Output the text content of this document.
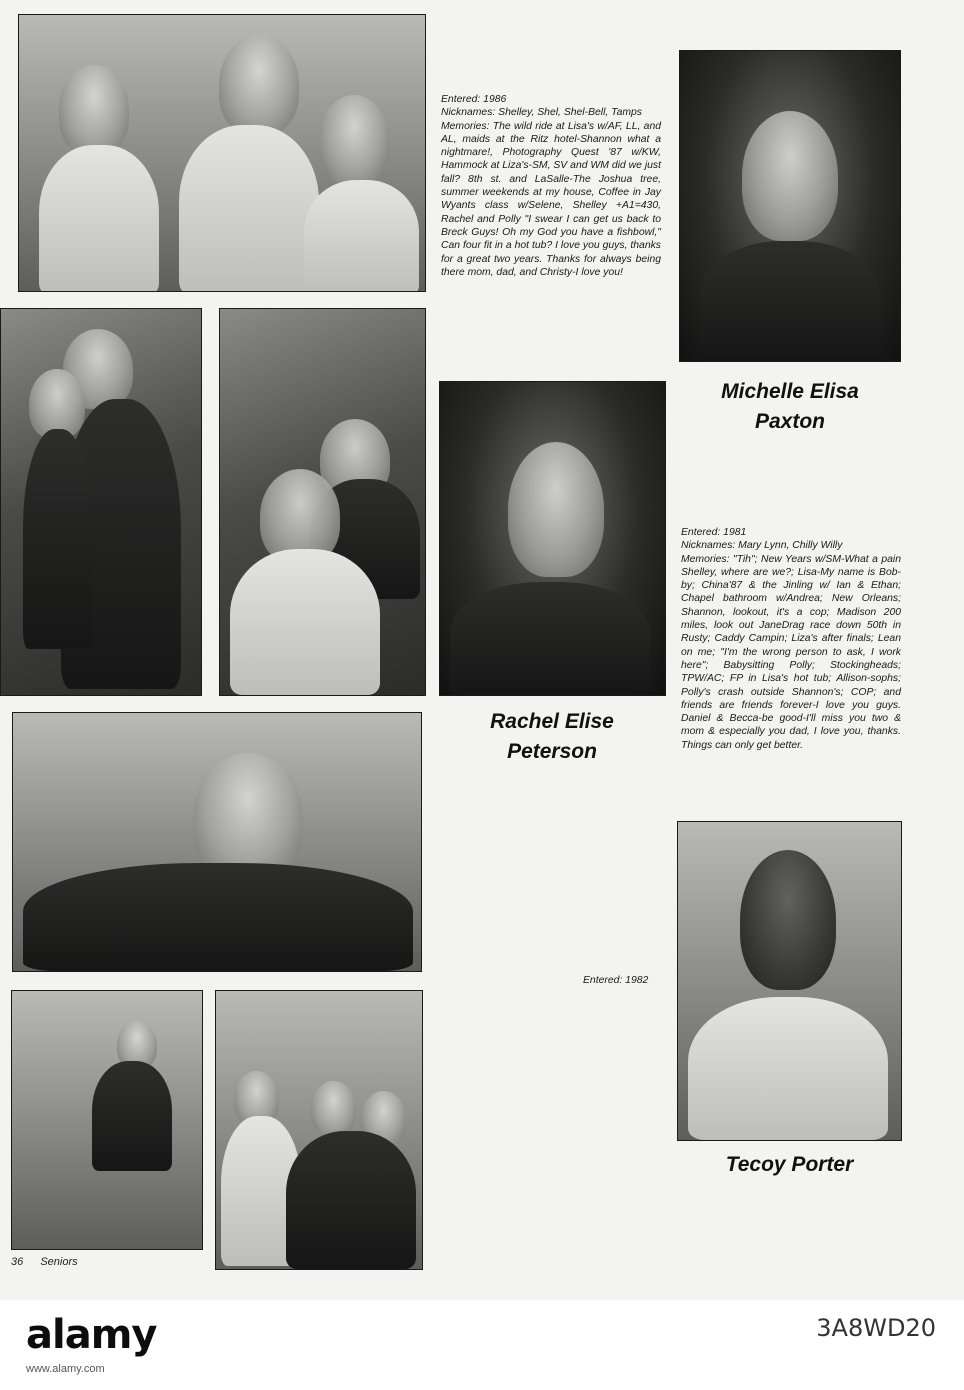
Entered: 1986

Nicknames: Shelley, Shel, Shel-Bell, Tamps

Memories: The wild ride at Lisa's w/AF, LL, and AL, maids at the Ritz hotel-Shannon what a nightmare!, Photography Quest '87 w/KW, Hammock at Liza's-SM, SV and WM did we just fall? 8th st. and LaSalle-The Joshua tree, summer weekends at my house, Coffee in Jay Wyants class w/Selene, Shelley +A1=430, Rachel and Polly "I swear I can get us back to Breck Guys! Oh my God you have a fishbowl," Can four fit in a hot tub? I love you guys, thanks for a great two years. Thanks for always being there mom, dad, and Christy-I love you!

Michelle Elisa
Paxton

Entered: 1981

Nicknames: Mary Lynn, Chilly Willy

Memories: "Tih"; New Years w/SM-What a pain Shelley, where are we?; Lisa-My name is Bob-by; China'87 & the Jinling w/ Ian & Ethan; Chapel bathroom w/Andrea; New Orleans; Shannon, lookout, it's a cop; Madison 200 miles, look out JaneDrag race down 50th in Rusty; Caddy Campin; Liza's after finals; Lean on me; "I'm the wrong person to ask, I work here"; Babysitting Polly; Stockingheads; TPW/AC; FP in Lisa's hot tub; Allison-sophs; Polly's crash outside Shannon's; COP; and friends are friends forever-I love you guys. Daniel & Becca-be good-I'll miss you two & mom & especially you dad, I love you, thanks. Things can only get better.

Rachel Elise
Peterson
Entered: 1982
Tecoy Porter
36 Seniors
alamy
www.alamy.com
3A8WD20
